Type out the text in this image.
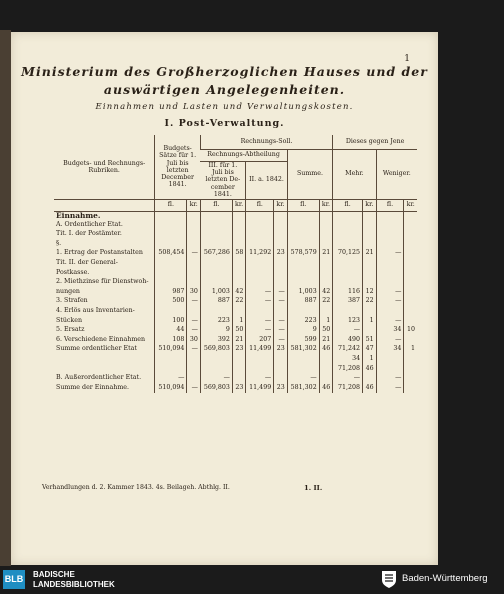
1
Ministerium des Großherzoglichen Hauses und der
auswärtigen Angelegenheiten.
Einnahmen und Lasten und Verwaltungskosten.
I. Post-Verwaltung.
Budgets- und Rechnungs- Rubriken.	Budgets- Sätze für 1. Juli bis letzten December 1841.		Rechnungs-Soll.						Dieses gegen Jene			
			Rechnungs-Abtheilung				Summe.		Mehr.		Weniger.	
			III. für 1. Juli bis letzten De- cember 1841.		II. a. 1842.							
	fl.	kr.	fl.	kr.	fl.	kr.	fl.	kr.	fl.	kr.	fl.	kr.
Einnahme.												
A. Ordentlicher Etat.												
Tit. I. der Postämter.												
§.												
1. Ertrag der Postanstalten	508,454	—	567,286	58	11,292	23	578,579	21	70,125	21	—	
Tit. II. der General-												
Postkasse.												
2. Miethzinse für Dienstwoh-												
nungen	987	30	1,003	42	—	—	1,003	42	116	12	—	
3. Strafen	500	—	887	22	—	—	887	22	387	22	—	
4. Erlös aus Inventarien-												
Stücken	100	—	223	1	—	—	223	1	123	1	—	
5. Ersatz	44	—	9	50	—	—	9	50	—		34	10
6. Verschiedene Einnahmen	108	30	392	21	207	—	599	21	490	51	—	
Summe ordentlicher Etat	510,094	—	569,803	23	11,499	23	581,302	46	71,242	47	34	1
									34	1		
									71,208	46		
B. Außerordentlicher Etat.	—		—		—		—		—		—	
Summe der Einnahme.	510,094	—	569,803	23	11,499	23	581,302	46	71,208	46	—	
Verhandlungen d. 2. Kammer 1843. 4s. Beilageh. Abthlg. II.	1. II.
BLB BADISCHE
LANDESBIBLIOTHEK
Baden-Württemberg
